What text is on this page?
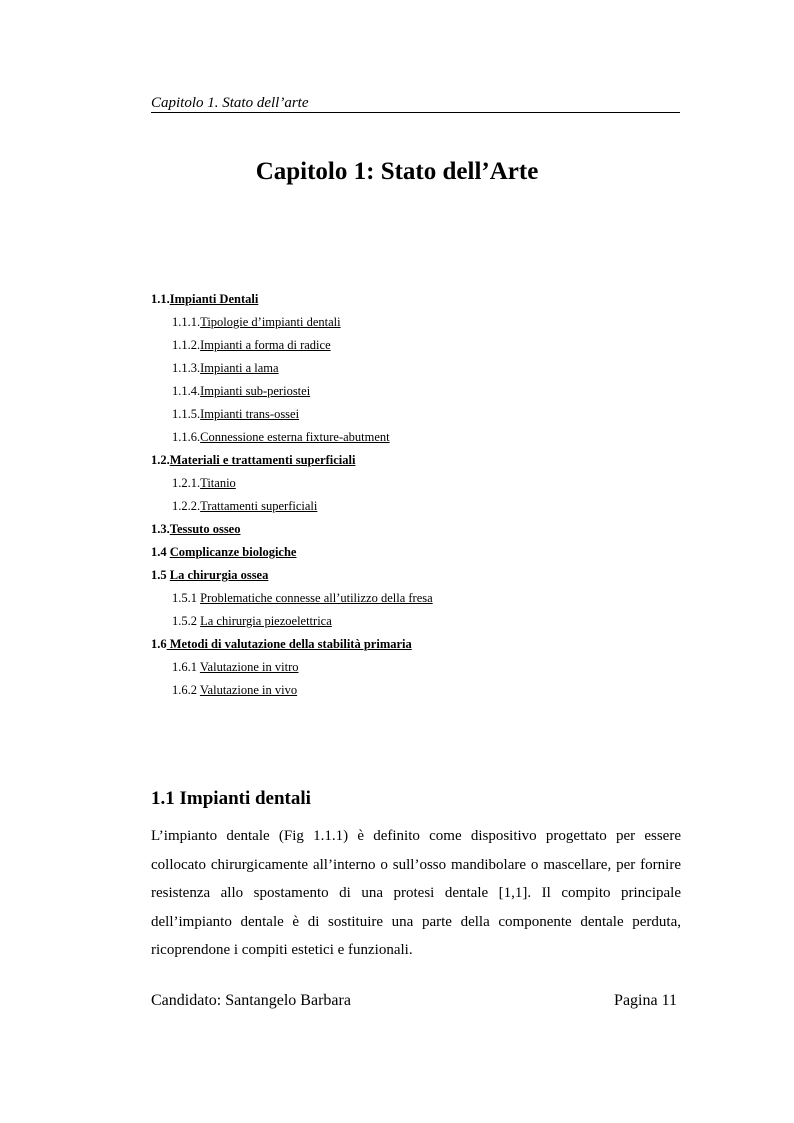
Capitolo 1. Stato dell’arte
Capitolo 1: Stato dell’Arte
1.1.Impianti Dentali
1.1.1.Tipologie d’impianti dentali
1.1.2.Impianti a forma di radice
1.1.3.Impianti a lama
1.1.4.Impianti sub-periostei
1.1.5.Impianti trans-ossei
1.1.6.Connessione esterna fixture-abutment
1.2.Materiali e trattamenti superficiali
1.2.1.Titanio
1.2.2.Trattamenti superficiali
1.3.Tessuto osseo
1.4 Complicanze biologiche
1.5 La chirurgia ossea
1.5.1 Problematiche connesse all’utilizzo della fresa
1.5.2 La chirurgia piezoelettrica
1.6 Metodi di valutazione della stabilità primaria
1.6.1 Valutazione in vitro
1.6.2 Valutazione in vivo
1.1 Impianti dentali

L’impianto dentale (Fig 1.1.1) è definito come dispositivo progettato per essere collocato chirurgicamente all’interno o sull’osso mandibolare o mascellare, per fornire resistenza allo spostamento di una protesi dentale [1,1]. Il compito principale dell’impianto dentale è di sostituire una parte della componente dentale perduta, ricoprendone i compiti estetici e funzionali.

Candidato: Santangelo Barbara	Pagina 11
